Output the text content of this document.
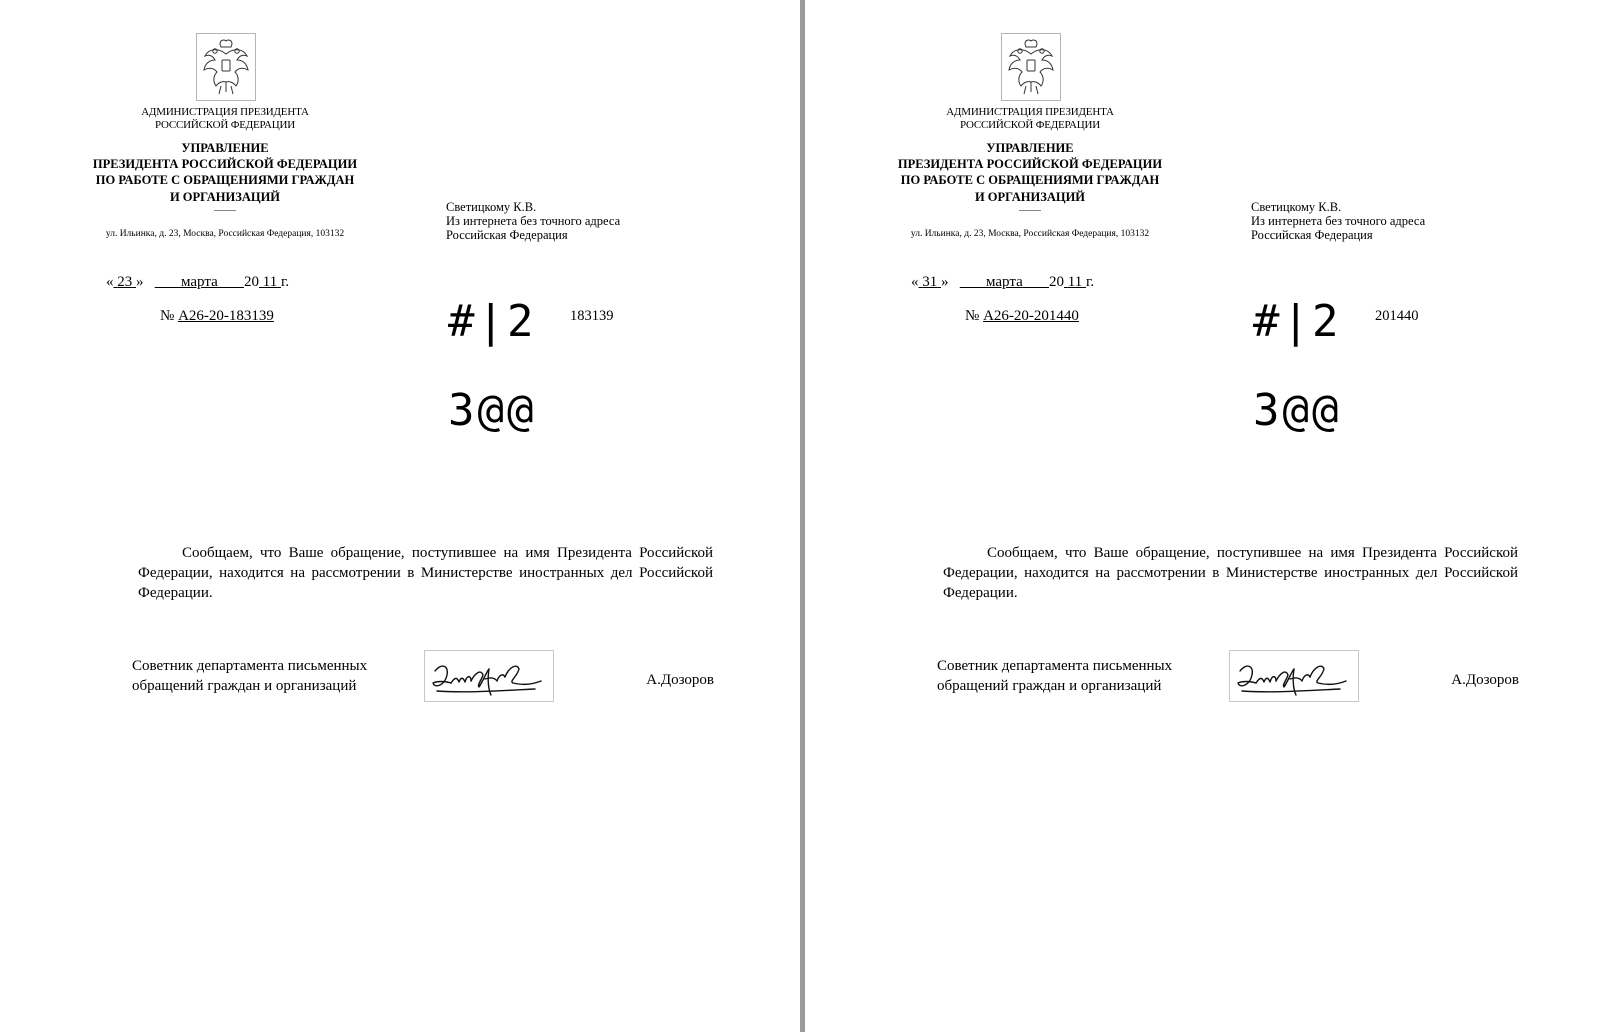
АДМИНИСТРАЦИЯ ПРЕЗИДЕНТА
РОССИЙСКОЙ ФЕДЕРАЦИИ
УПРАВЛЕНИЕ
ПРЕЗИДЕНТА РОССИЙСКОЙ ФЕДЕРАЦИИ
ПО РАБОТЕ С ОБРАЩЕНИЯМИ ГРАЖДАН
И ОРГАНИЗАЦИЙ
ул. Ильинка, д. 23, Москва, Российская Федерация, 103132
Светицкому К.В.
Из интернета без точного адреса
Российская Федерация
« 23 »          марта 20 11 г.
№ А26-20-183139	#|2 183139
3@@
Сообщаем, что Ваше обращение, поступившее на имя Президента Российской Федерации, находится на рассмотрении в Министерстве иностранных дел Российской Федерации.
Советник департамента письменных
обращений граждан и организаций	А.Дозоров
АДМИНИСТРАЦИЯ ПРЕЗИДЕНТА
РОССИЙСКОЙ ФЕДЕРАЦИИ
УПРАВЛЕНИЕ
ПРЕЗИДЕНТА РОССИЙСКОЙ ФЕДЕРАЦИИ
ПО РАБОТЕ С ОБРАЩЕНИЯМИ ГРАЖДАН
И ОРГАНИЗАЦИЙ
ул. Ильинка, д. 23, Москва, Российская Федерация, 103132
Светицкому К.В.
Из интернета без точного адреса
Российская Федерация
« 31 »          марта 20 11 г.
№ А26-20-201440	#|2 201440
3@@
Сообщаем, что Ваше обращение, поступившее на имя Президента Российской Федерации, находится на рассмотрении в Министерстве иностранных дел Российской Федерации.
Советник департамента письменных
обращений граждан и организаций	А.Дозоров
